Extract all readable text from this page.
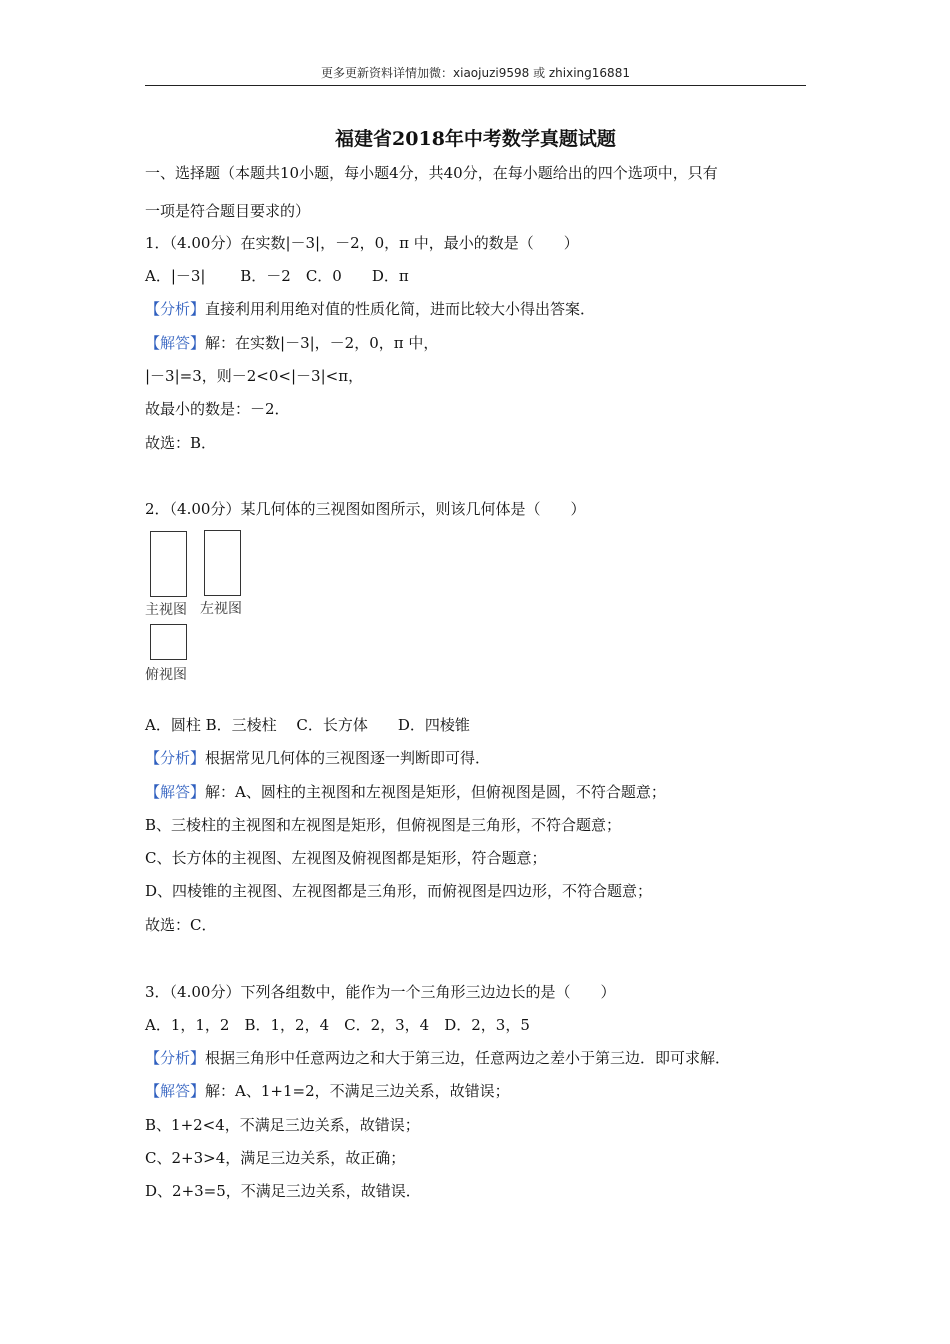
更多更新资料详情加微：xiaojuzi9598 或 zhixing16881
福建省2018年中考数学真题试题
一、选择题（本题共10小题，每小题4分，共40分，在每小题给出的四个选项中，只有
一项是符合题目要求的）
1．（4.00分）在实数|－3|，－2，0，π 中，最小的数是（　　）
A．|－3|　　 B．－2　C．0　　D．π
【分析】直接利用利用绝对值的性质化简，进而比较大小得出答案．
【解答】解：在实数|－3|，－2，0，π 中，
|－3|=3，则－2<0<|－3|<π，
故最小的数是：－2．
故选：B．
2．（4.00分）某几何体的三视图如图所示，则该几何体是（　　）
主视图 左视图
俯视图
A．圆柱 B．三棱柱　 C．长方体　　D．四棱锥
【分析】根据常见几何体的三视图逐一判断即可得．
【解答】解：A、圆柱的主视图和左视图是矩形，但俯视图是圆，不符合题意；
B、三棱柱的主视图和左视图是矩形，但俯视图是三角形，不符合题意；
C、长方体的主视图、左视图及俯视图都是矩形，符合题意；
D、四棱锥的主视图、左视图都是三角形，而俯视图是四边形，不符合题意；
故选：C．
3．（4.00分）下列各组数中，能作为一个三角形三边边长的是（　　）
A．1，1，2　B．1，2，4　C．2，3，4　D．2，3，5
【分析】根据三角形中任意两边之和大于第三边，任意两边之差小于第三边．即可求解．
【解答】解：A、1+1=2，不满足三边关系，故错误；
B、1+2<4，不满足三边关系，故错误；
C、2+3>4，满足三边关系，故正确；
D、2+3=5，不满足三边关系，故错误．
